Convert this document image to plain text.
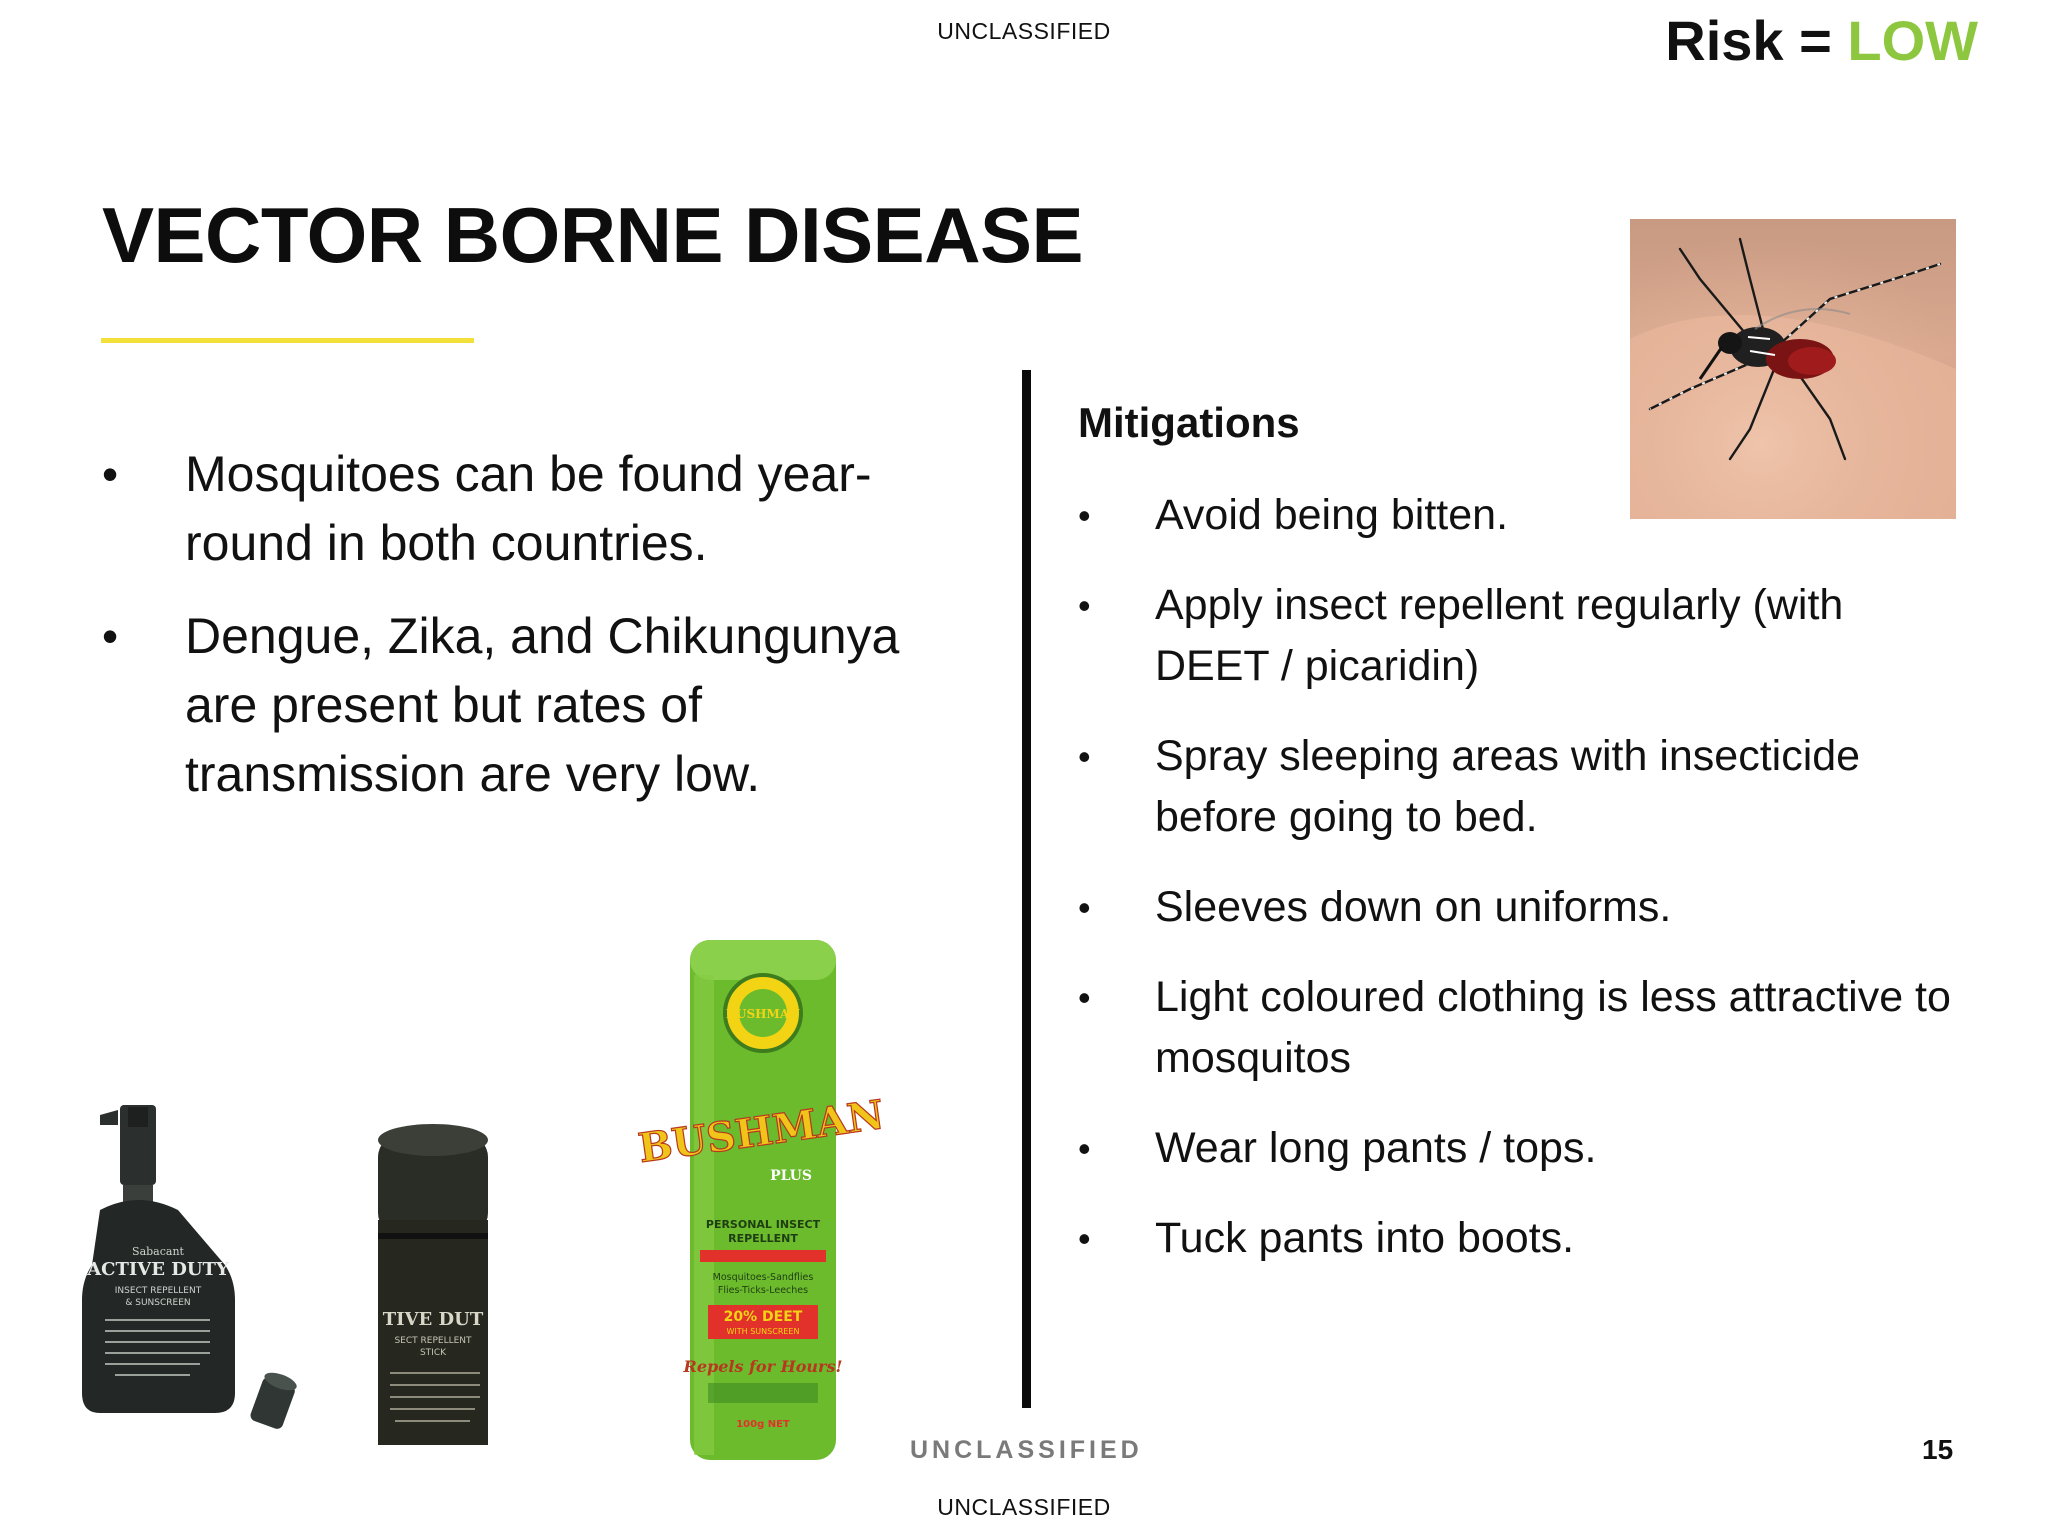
UNCLASSIFIED	Risk = LOW
VECTOR BORNE DISEASE
• Mosquitoes can be found year-round in both countries.
• Dengue, Zika, and Chikungunya are present but rates of transmission are very low.
Mitigations
• Avoid being bitten.
• Apply insect repellent regularly (with
DEET / picaridin)
• Spray sleeping areas with insecticide
before going to bed.
• Sleeves down on uniforms.
• Light coloured clothing is less attractive to
mosquitos
• Wear long pants / tops.
• Tuck pants into boots.
Sabacant
ACTIVE DUTY
INSECT REPELLENT
& SUNSCREEN
TIVE DUT
SECT REPELLENT
STICK
BUSHMAN
BUSHMAN
PLUS
PERSONAL INSECT
REPELLENT
Mosquitoes-Sandflies
Flies-Ticks-Leeches
20% DEET
WITH SUNSCREEN
Repels for Hours!
100g NET
UNCLASSIFIED	15
UNCLASSIFIED
